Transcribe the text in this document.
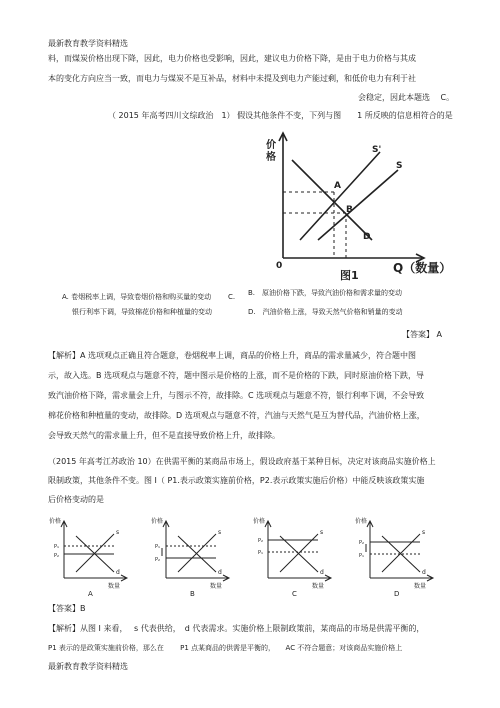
最新教育教学资料精选
料，而煤炭价格出现下降，因此，电力价格也受影响，因此，建议电力价格下降，是由于电力价格与其成
本的变化方向应当一致，而电力与煤炭不是互补品，材料中未提及到电力产能过剩，和低价电力有利于社
会稳定，因此本题选　 C。
（ 2015 年高考四川文综政治　1） 假设其他条件不变，下列与图　　1 所反映的信息相符合的是
价格
0	Q（数量）
图1
S'
S
D
A
B
A. 卷烟税率上调，导致卷烟价格和购买量的变动 C. B.　原油价格下跌，导致汽油价格和需求量的变动
银行利率下调，导致棉花价格和种植量的变动	D.　汽油价格上涨，导致天然气价格和销量的变动
【答案】 A
【解析】A 选项观点正确且符合题意，卷烟税率上调，商品的价格上升，商品的需求量减少，符合题中图
示，故入选。B 选项观点与题意不符，题中图示是价格的上涨，而不是价格的下跌，同时原油价格下跌，导
致汽油价格下降，需求量会上升，与图示不符，故排除。C 选项观点与题意不符，银行利率下调，不会导致
棉花价格和种植量的变动，故排除。D 选项观点与题意不符，汽油与天然气是互为替代品，汽油价格上涨，
会导致天然气的需求量上升，但不是直接导致价格上升，故排除。
（2015 年高考江苏政治 10）在供需平衡的某商品市场上，假设政府基于某种目标，决定对该商品实施价格上
限制政策，其他条件不变。图 I（ P1.表示政策实施前价格，P2.表示政策实施后价格）中能反映该政策实施
后价格变动的是
价格
P₁
P₂
s
d
数量
A
价格
P₁
P₂
s
d
数量
B
价格
P₂
P₁
s
d
数量
C
价格
P₂
P₁
s
d
数量
D
【答案】B
【解析】从图 I 来看，　 s 代表供给，　d 代表需求。实施价格上限制政策前，某商品的市场是供需平衡的，
P1 表示的是政策实施前价格，那么在　　 P1 点某商品的供需是平衡的，　　AC 不符合题意；对该商品实施价格上
最新教育教学资料精选
